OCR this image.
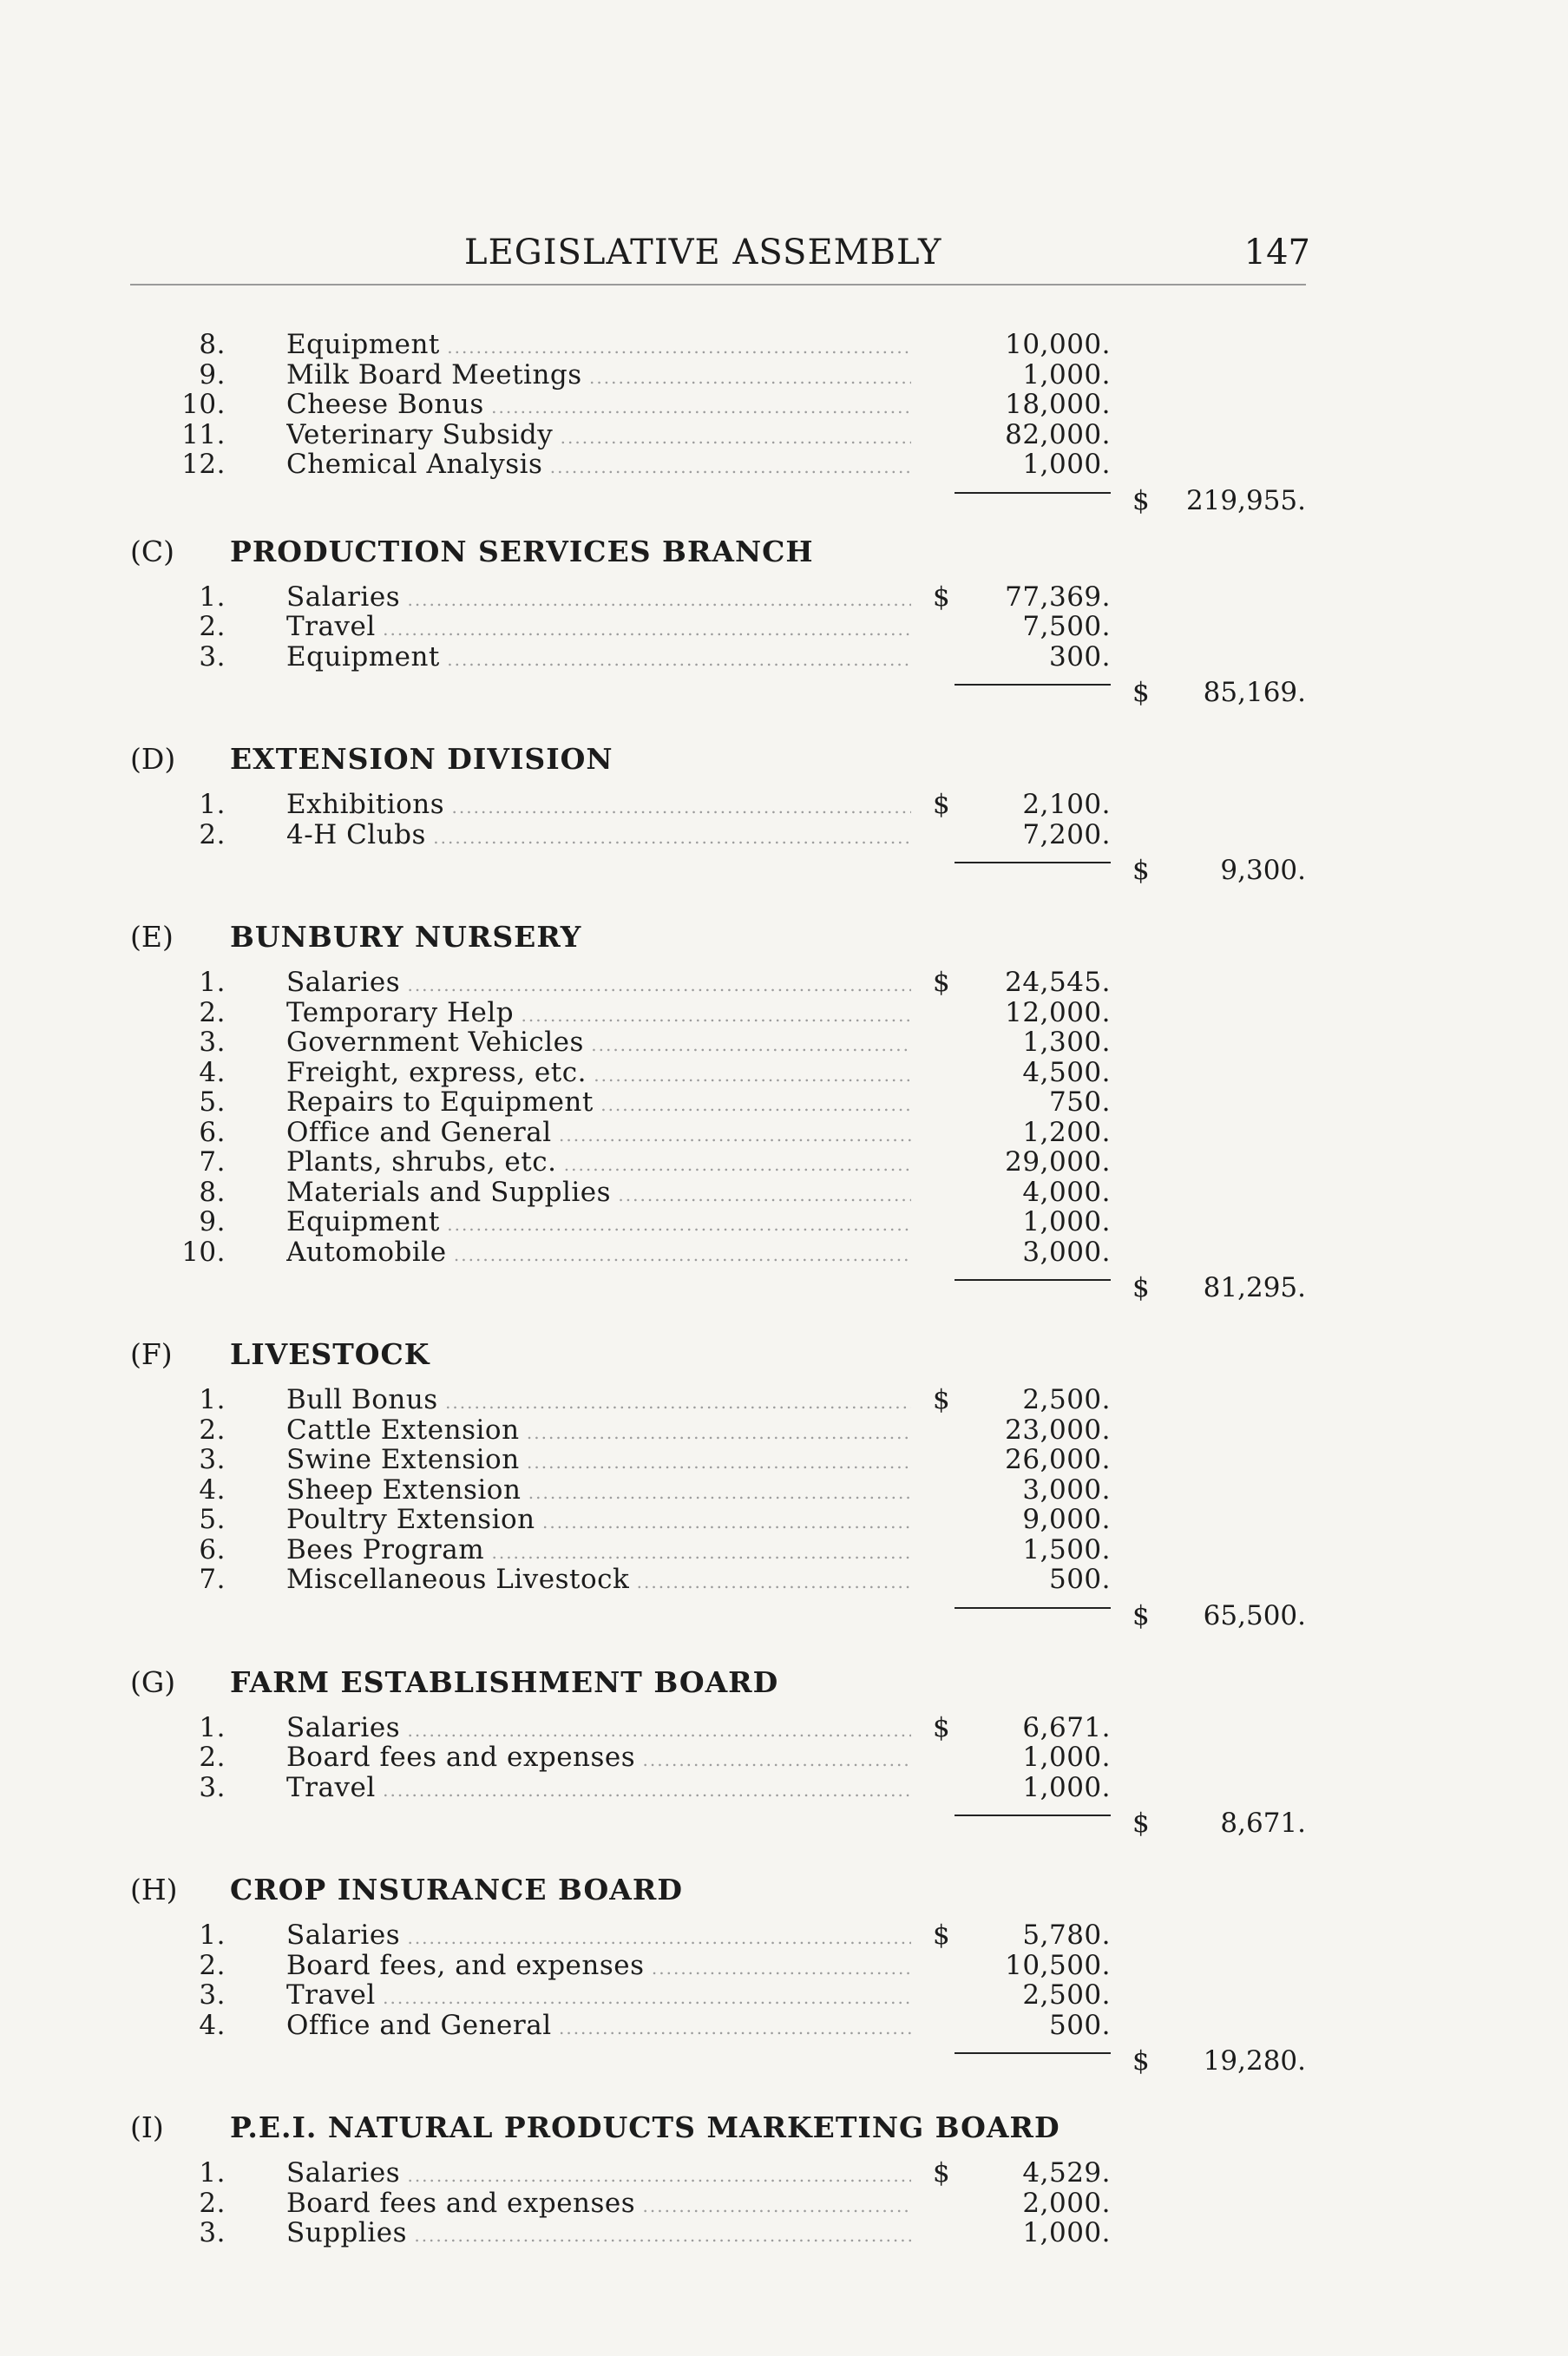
LEGISLATIVE ASSEMBLY	147
8. Equipment .....	10,000.
9. Milk Board Meetings .....	1,000.
10. Cheese Bonus .....	18,000.
11. Veterinary Subsidy .....	82,000.
12. Chemical Analysis .....	1,000.
$	219,955.
(C) PRODUCTION SERVICES BRANCH
1. Salaries .....	$	77,369.
2. Travel .....	7,500.
3. Equipment .....	300.
$	85,169.
(D) EXTENSION DIVISION
1. Exhibitions .....	$	2,100.
2. 4-H Clubs .....	7,200.
$	9,300.
(E) BUNBURY NURSERY
1. Salaries .....	$	24,545.
2. Temporary Help .....	12,000.
3. Government Vehicles .....	1,300.
4. Freight, express, etc. .....	4,500.
5. Repairs to Equipment .....	750.
6. Office and General .....	1,200.
7. Plants, shrubs, etc. .....	29,000.
8. Materials and Supplies .....	4,000.
9. Equipment .....	1,000.
10. Automobile .....	3,000.
$	81,295.
(F) LIVESTOCK
1. Bull Bonus .....	$	2,500.
2. Cattle Extension .....	23,000.
3. Swine Extension .....	26,000.
4. Sheep Extension .....	3,000.
5. Poultry Extension .....	9,000.
6. Bees Program .....	1,500.
7. Miscellaneous Livestock .....	500.
$	65,500.
(G) FARM ESTABLISHMENT BOARD
1. Salaries .....	$	6,671.
2. Board fees and expenses .....	1,000.
3. Travel .....	1,000.
$	8,671.
(H) CROP INSURANCE BOARD
1. Salaries .....	$	5,780.
2. Board fees, and expenses .....	10,500.
3. Travel .....	2,500.
4. Office and General .....	500.
$	19,280.
(I) P.E.I. NATURAL PRODUCTS MARKETING BOARD
1. Salaries .....	$	4,529.
2. Board fees and expenses .....	2,000.
3. Supplies .....	1,000.
